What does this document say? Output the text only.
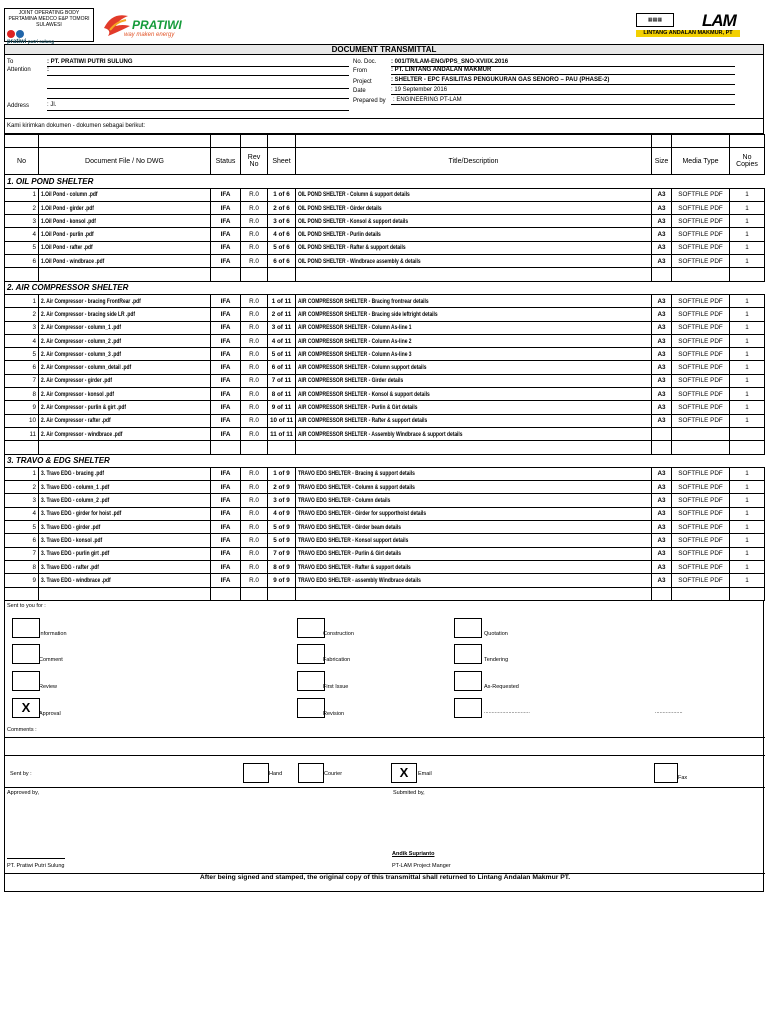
JOINT OPERATING BODY
PERTAMINA MEDCO E&P TOMORI SULAWESI

pratiwi putri sulung
PRATIWI
way maken energy
▦▦▦	LAM
LINTANG ANDALAN MAKMUR, PT
DOCUMENT TRANSMITTAL
To	: PT. PRATIWI PUTRI SULUNG
Attention	:
Address	: Jl.
No. Doc. : 001/TR/LAM-ENG/PPS_SNO-XVI/IX.2016
From	: PT. LINTANG ANDALAN MAKMUR
Project	: SHELTER - EPC FASILITAS PENGUKURAN GAS SENORO – PAU (PHASE-2)
Date	: 19 September 2016
Prepared by : ENGINEERING PT-LAM
Kami kirimkan dokumen - dokumen sebagai berikut:

No	Document File / No DWG	Status	Rev No	Sheet	Title/Description	Size	Media Type	No Copies
1. OIL POND SHELTER								
1	1.Oil Pond - column .pdf	IFA	R.0	1 of 6	OIL POND SHELTER - Column & support details	A3	SOFTFILE PDF	1
2	1.Oil Pond - girder .pdf	IFA	R.0	2 of 6	OIL POND SHELTER - Girder details	A3	SOFTFILE PDF	1
3	1.Oil Pond - konsol .pdf	IFA	R.0	3 of 6	OIL POND SHELTER - Konsol & support details	A3	SOFTFILE PDF	1
4	1.Oil Pond - purlin .pdf	IFA	R.0	4 of 6	OIL POND SHELTER - Purlin details	A3	SOFTFILE PDF	1
5	1.Oil Pond - rafter .pdf	IFA	R.0	5 of 6	OIL POND SHELTER - Rafter & support details	A3	SOFTFILE PDF	1
6	1.Oil Pond - windbrace .pdf	IFA	R.0	6 of 6	OIL POND SHELTER - Windbrace assembly & details	A3	SOFTFILE PDF	1

2. AIR COMPRESSOR SHELTER								
1	2. Air Compressor - bracing FrontRear .pdf	IFA	R.0	1 of 11	AIR COMPRESSOR SHELTER - Bracing frontrear details	A3	SOFTFILE PDF	1
2	2. Air Compressor - bracing side LR .pdf	IFA	R.0	2 of 11	AIR COMPRESSOR SHELTER - Bracing side leftright details	A3	SOFTFILE PDF	1
3	2. Air Compressor - column_1 .pdf	IFA	R.0	3 of 11	AIR COMPRESSOR SHELTER - Column As-line 1	A3	SOFTFILE PDF	1
4	2. Air Compressor - column_2 .pdf	IFA	R.0	4 of 11	AIR COMPRESSOR SHELTER - Column As-line 2	A3	SOFTFILE PDF	1
5	2. Air Compressor - column_3 .pdf	IFA	R.0	5 of 11	AIR COMPRESSOR SHELTER - Column As-line 3	A3	SOFTFILE PDF	1
6	2. Air Compressor - column_detail .pdf	IFA	R.0	6 of 11	AIR COMPRESSOR SHELTER - Column support details	A3	SOFTFILE PDF	1
7	2. Air Compressor - girder .pdf	IFA	R.0	7 of 11	AIR COMPRESSOR SHELTER - Girder details	A3	SOFTFILE PDF	1
8	2. Air Compressor - konsol .pdf	IFA	R.0	8 of 11	AIR COMPRESSOR SHELTER - Konsol & support details	A3	SOFTFILE PDF	1
9	2. Air Compressor - purlin & girt .pdf	IFA	R.0	9 of 11	AIR COMPRESSOR SHELTER - Purlin & Girt details	A3	SOFTFILE PDF	1
10	2. Air Compressor - rafter .pdf	IFA	R.0	10 of 11	AIR COMPRESSOR SHELTER - Rafter & support details	A3	SOFTFILE PDF	1
11	2. Air Compressor - windbrace .pdf	IFA	R.0	11 of 11	AIR COMPRESSOR SHELTER - Assembly Windbrace & support details			

3. TRAVO & EDG SHELTER								
1	3. Travo EDG - bracing .pdf	IFA	R.0	1 of 9	TRAVO EDG SHELTER - Bracing & support details	A3	SOFTFILE PDF	1
2	3. Travo EDG - column_1 .pdf	IFA	R.0	2 of 9	TRAVO EDG SHELTER - Column & support details	A3	SOFTFILE PDF	1
3	3. Travo EDG - column_2 .pdf	IFA	R.0	3 of 9	TRAVO EDG SHELTER - Column details	A3	SOFTFILE PDF	1
4	3. Travo EDG - girder for hoist .pdf	IFA	R.0	4 of 9	TRAVO EDG SHELTER - Girder for supporthoist details	A3	SOFTFILE PDF	1
5	3. Travo EDG - girder .pdf	IFA	R.0	5 of 9	TRAVO EDG SHELTER - Girder beam details	A3	SOFTFILE PDF	1
6	3. Travo EDG - konsol .pdf	IFA	R.0	5 of 9	TRAVO EDG SHELTER - Konsol support details	A3	SOFTFILE PDF	1
7	3. Travo EDG - purlin girt .pdf	IFA	R.0	7 of 9	TRAVO EDG SHELTER - Purlin & Girt details	A3	SOFTFILE PDF	1
8	3. Travo EDG - rafter .pdf	IFA	R.0	8 of 9	TRAVO EDG SHELTER - Rafter & support details	A3	SOFTFILE PDF	1
9	3. Travo EDG - windbrace .pdf	IFA	R.0	9 of 9	TRAVO EDG SHELTER - assembly Windbrace details	A3	SOFTFILE PDF	1

Sent to you for :
Information	Construction	Quotation
Comment	Fabrication	Tendering
Review	First Issue	As-Requested
X	Approval	Revision	..............................	..................
Comments :
Sent by :	Hand	Courier	X	Email
Fax
Approved by,	Submited by,
PT. Pratiwi Putri Sulung
Andik Suprianto
PT-LAM Project Manger
After being signed and stamped, the original copy of this transmittal shall returned to Lintang Andalan Makmur PT.
